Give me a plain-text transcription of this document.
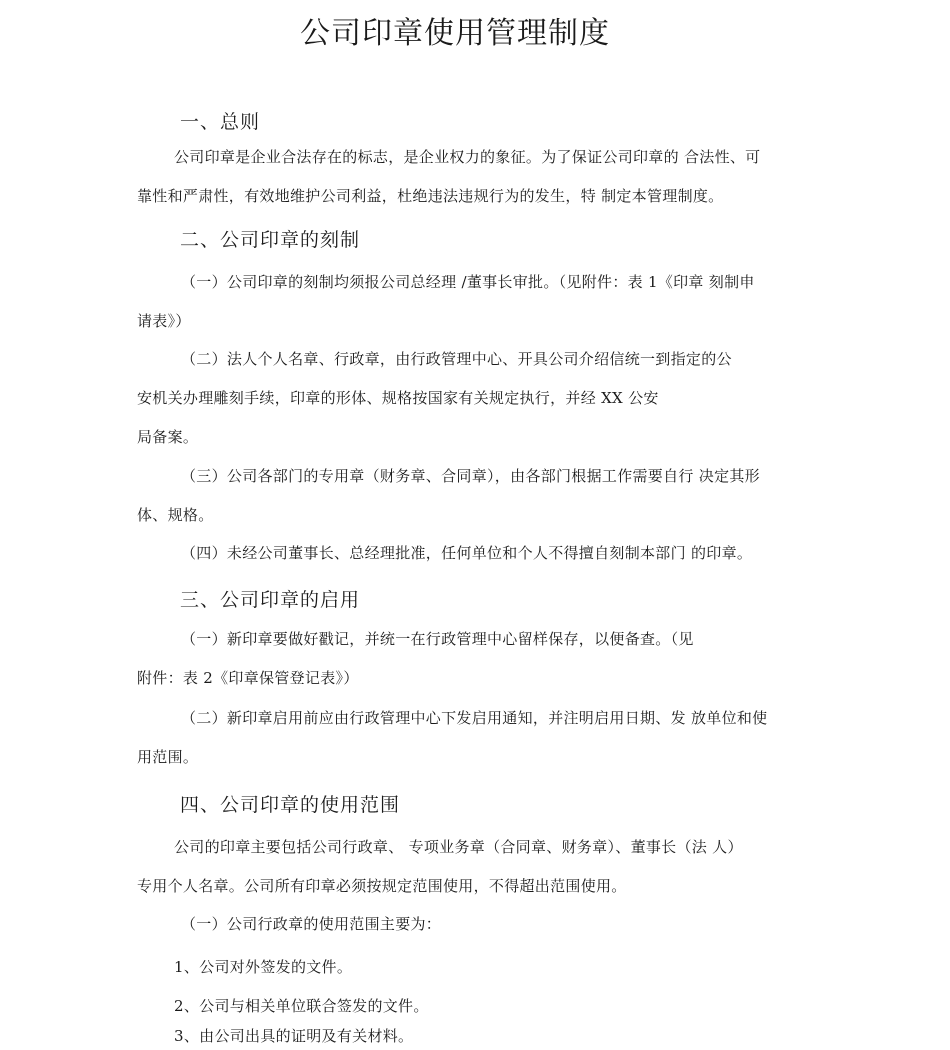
公司印章使用管理制度
一、总则
公司印章是企业合法存在的标志，是企业权力的象征。为了保证公司印章的 合法性、可
靠性和严肃性，有效地维护公司利益，杜绝违法违规行为的发生，特 制定本管理制度。
二、公司印章的刻制
（一）公司印章的刻制均须报公司总经理 /董事长审批。（见附件：表 1《印章 刻制申
请表》）
（二）法人个人名章、行政章，由行政管理中心、开具公司介绍信统一到指定的公
安机关办理雕刻手续，印章的形体、规格按国家有关规定执行，并经 XX 公安
局备案。
（三）公司各部门的专用章（财务章、合同章），由各部门根据工作需要自行 决定其形
体、规格。
（四）未经公司董事长、总经理批准，任何单位和个人不得擅自刻制本部门 的印章。
三、公司印章的启用
（一）新印章要做好戳记，并统一在行政管理中心留样保存，以便备查。（见
附件：表 2《印章保管登记表》）
（二）新印章启用前应由行政管理中心下发启用通知，并注明启用日期、发 放单位和使
用范围。
四、公司印章的使用范围
公司的印章主要包括公司行政章、 专项业务章（合同章、财务章）、董事长（法 人）
专用个人名章。公司所有印章必须按规定范围使用，不得超出范围使用。
（一）公司行政章的使用范围主要为：
1、公司对外签发的文件。
2、公司与相关单位联合签发的文件。
3、由公司出具的证明及有关材料。
